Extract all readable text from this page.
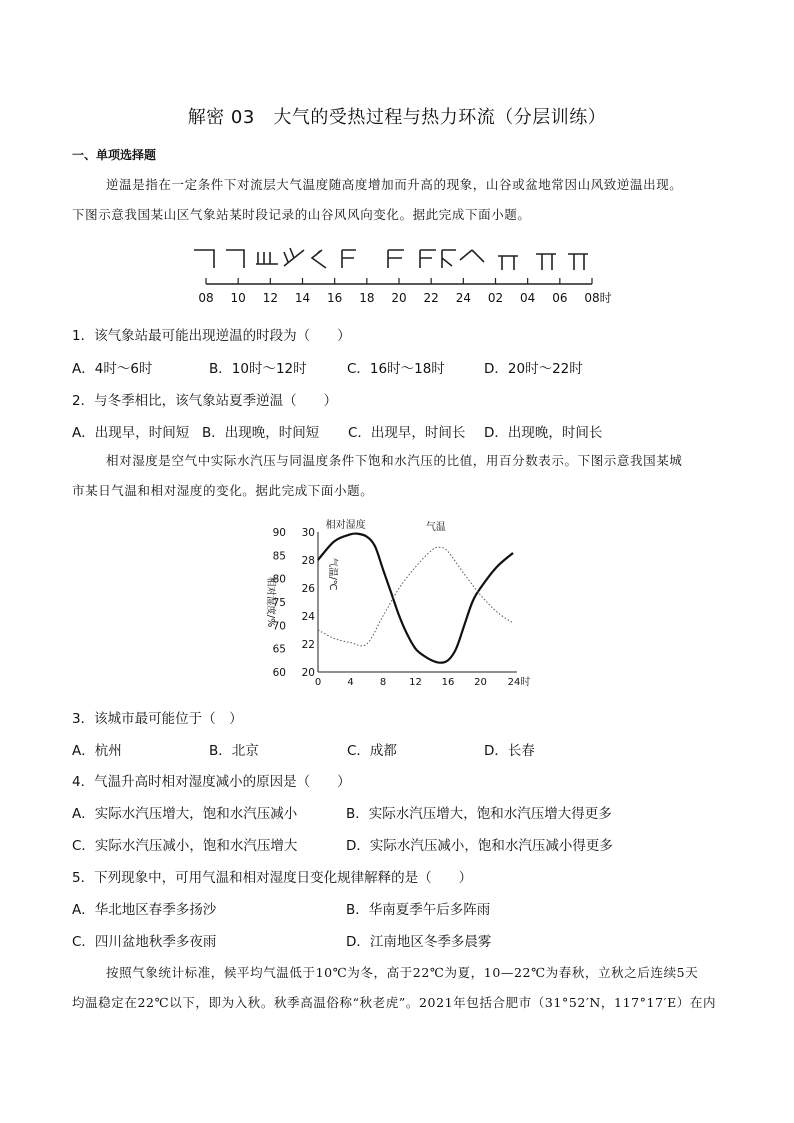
解密 03　大气的受热过程与热力环流（分层训练）
一、单项选择题
逆温是指在一定条件下对流层大气温度随高度增加而升高的现象，山谷或盆地常因山风致逆温出现。
下图示意我国某山区气象站某时段记录的山谷风风向变化。据此完成下面小题。
08 10 12 14 16 18 20 22 24 02 04 06 08时
1．该气象站最可能出现逆温的时段为（　　）
A．4时～6时	B．10时～12时	C．16时～18时	D．20时～22时
2．与冬季相比，该气象站夏季逆温（　　）
A．出现早，时间短 B．出现晚，时间短 C．出现早，时间长 D．出现晚，时间长
相对湿度是空气中实际水汽压与同温度条件下饱和水汽压的比值，用百分数表示。下图示意我国某城
市某日气温和相对湿度的变化。据此完成下面小题。
90
85
80
75
70
65
60
30
28
26
24
22
20
0	4	8 12 16 20 24时
相对湿度/%
气温/℃
相对湿度	气温
3．该城市最可能位于（　）
A．杭州	B．北京	C．成都	D．长春
4．气温升高时相对湿度减小的原因是（　　）
A．实际水汽压增大，饱和水汽压减小	B．实际水汽压增大，饱和水汽压增大得更多
C．实际水汽压减小，饱和水汽压增大	D．实际水汽压减小，饱和水汽压减小得更多
5．下列现象中，可用气温和相对湿度日变化规律解释的是（　　）
A．华北地区春季多扬沙	B．华南夏季午后多阵雨
C．四川盆地秋季多夜雨	D．江南地区冬季多晨雾
按照气象统计标准，候平均气温低于10℃为冬，高于22℃为夏，10—22℃为春秋，立秋之后连续5天
均温稳定在22℃以下，即为入秋。秋季高温俗称“秋老虎”。2021年包括合肥市（31°52′N，117°17′E）在内
